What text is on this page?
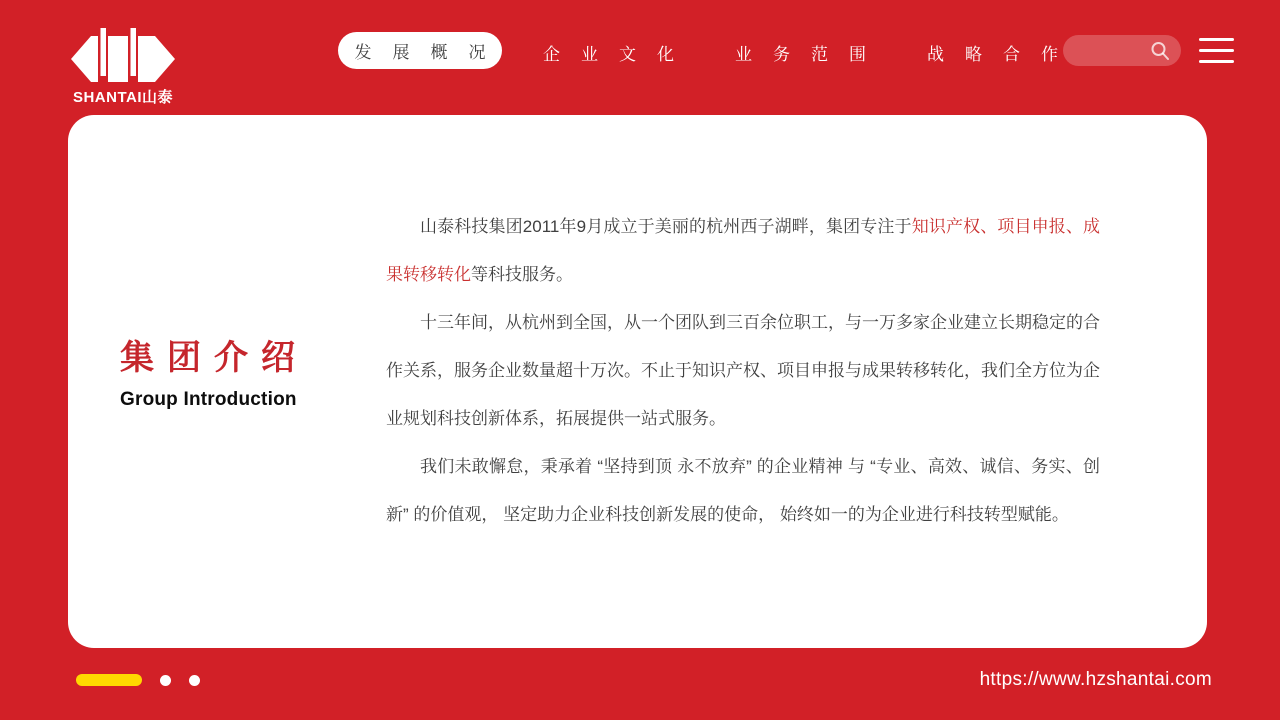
SHANTAI山泰
发展概况 企业文化 业务范围 战略合作
集团介绍
Group Introduction

山泰科技集团2011年9月成立于美丽的杭州西子湖畔，集团专注于知识产权、项目申报、成果转移转化等科技服务。

十三年间，从杭州到全国，从一个团队到三百余位职工，与一万多家企业建立长期稳定的合作关系，服务企业数量超十万次。不止于知识产权、项目申报与成果转移转化，我们全方位为企业规划科技创新体系，拓展提供一站式服务。

我们未敢懈怠，秉承着 “坚持到顶 永不放弃” 的企业精神 与 “专业、高效、诚信、务实、创新” 的价值观， 坚定助力企业科技创新发展的使命， 始终如一的为企业进行科技转型赋能。

https://www.hzshantai.com
